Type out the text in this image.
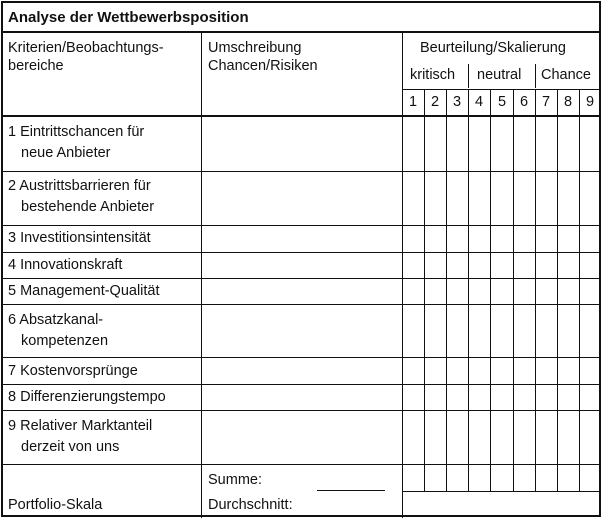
Analyse der Wettbewerbsposition
Kriterien/Beobachtungs-
bereiche
Umschreibung
Chancen/Risiken
Beurteilung/Skalierung
kritisch neutral Chance
1 2 3 4	5 6 7 8 9
1 Eintrittschancen für
neue Anbieter
2 Austrittsbarrieren für
bestehende Anbieter
3 Investitionsintensität
4 Innovationskraft
5 Management-Qualität
6 Absatzkanal-
kompetenzen
7 Kostenvorsprünge
8 Differenzierungstempo
9 Relativer Marktanteil
derzeit von uns
Portfolio-Skala
Summe:
Durchschnitt:
